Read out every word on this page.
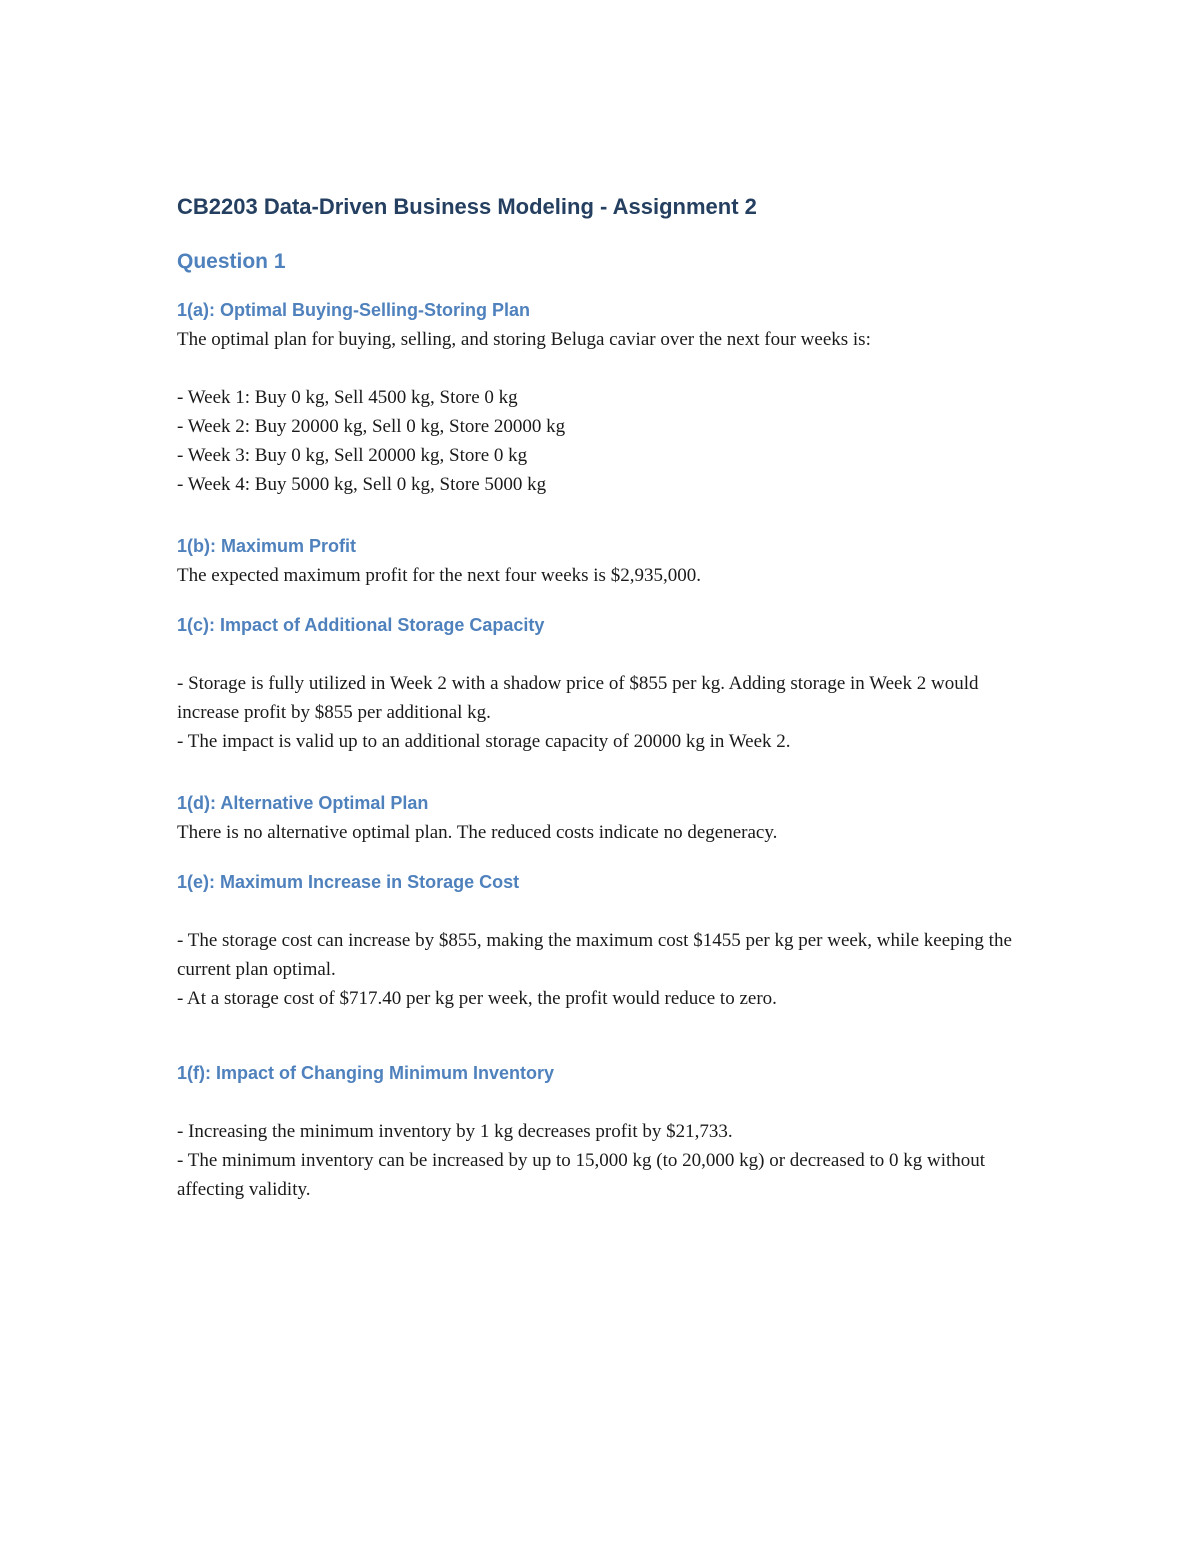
CB2203 Data-Driven Business Modeling - Assignment 2
Question 1
1(a): Optimal Buying-Selling-Storing Plan

The optimal plan for buying, selling, and storing Beluga caviar over the next four weeks is:

- Week 1: Buy 0 kg, Sell 4500 kg, Store 0 kg

- Week 2: Buy 20000 kg, Sell 0 kg, Store 20000 kg

- Week 3: Buy 0 kg, Sell 20000 kg, Store 0 kg

- Week 4: Buy 5000 kg, Sell 0 kg, Store 5000 kg

1(b): Maximum Profit

The expected maximum profit for the next four weeks is $2,935,000.

1(c): Impact of Additional Storage Capacity

- Storage is fully utilized in Week 2 with a shadow price of $855 per kg. Adding storage in Week 2 would increase profit by $855 per additional kg.

- The impact is valid up to an additional storage capacity of 20000 kg in Week 2.

1(d): Alternative Optimal Plan

There is no alternative optimal plan. The reduced costs indicate no degeneracy.

1(e): Maximum Increase in Storage Cost

- The storage cost can increase by $855, making the maximum cost $1455 per kg per week, while keeping the current plan optimal.

- At a storage cost of $717.40 per kg per week, the profit would reduce to zero.

1(f): Impact of Changing Minimum Inventory

- Increasing the minimum inventory by 1 kg decreases profit by $21,733.

- The minimum inventory can be increased by up to 15,000 kg (to 20,000 kg) or decreased to 0 kg without affecting validity.
